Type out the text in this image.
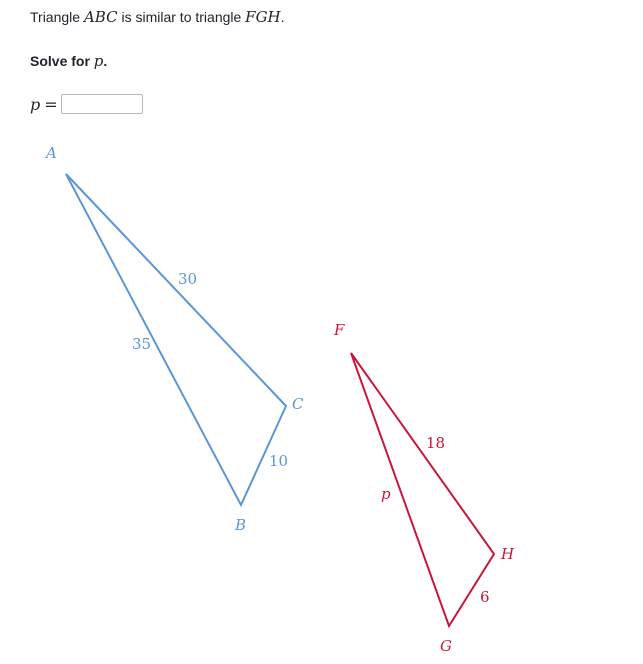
Triangle ABC is similar to triangle FGH.
Solve for p.
p =
A
B
C
35
30
10
F
G
H
p
18
6
